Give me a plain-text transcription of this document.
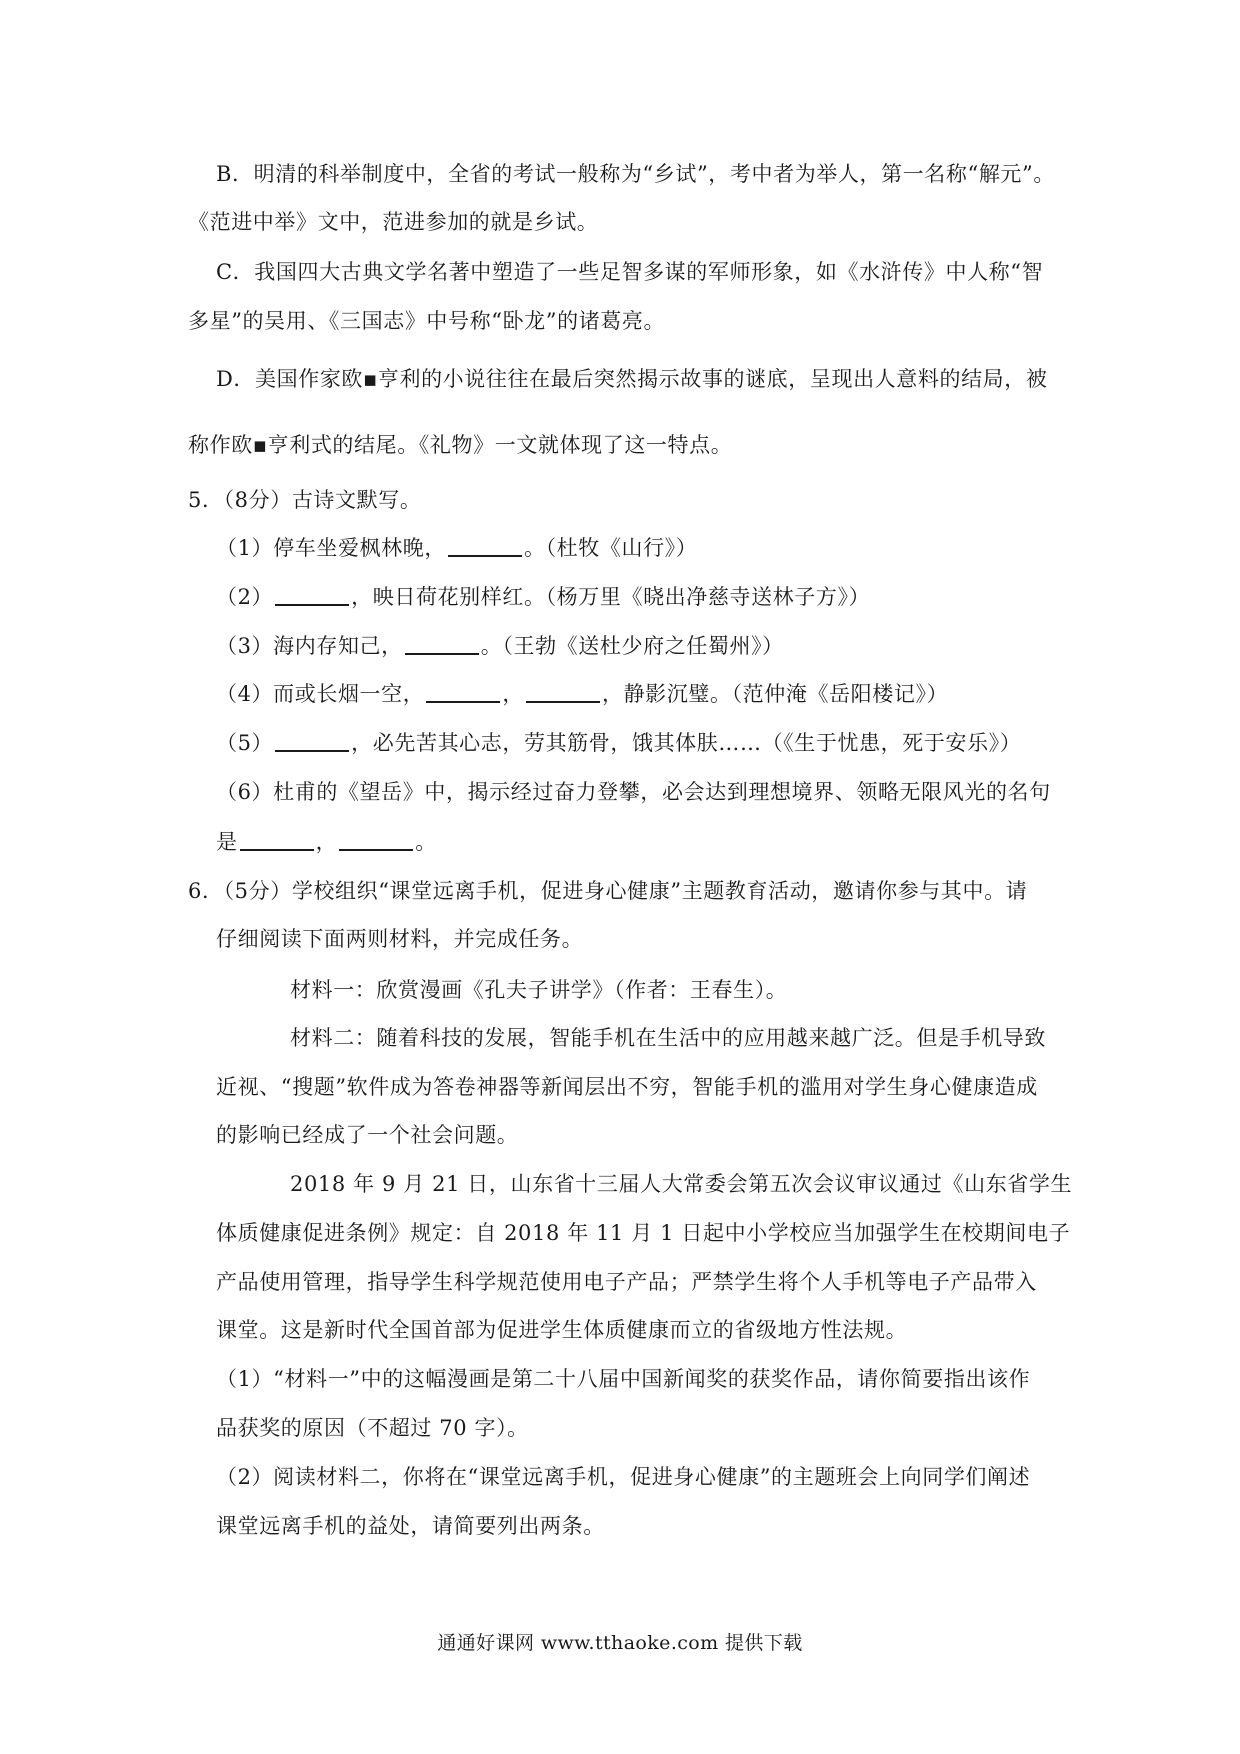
B．明清的科举制度中，全省的考试一般称为“乡试”，考中者为举人，第一名称“解元”。
《范进中举》文中，范进参加的就是乡试。
C．我国四大古典文学名著中塑造了一些足智多谋的军师形象，如《水浒传》中人称“智
多星”的吴用、《三国志》中号称“卧龙”的诸葛亮。
D．美国作家欧▪亨利的小说往往在最后突然揭示故事的谜底，呈现出人意料的结局，被
称作欧▪亨利式的结尾。《礼物》一文就体现了这一特点。
5．（8分）古诗文默写。
（1）停车坐爱枫林晚，	。（杜牧《山行》）
（2）	，映日荷花别样红。（杨万里《晓出净慈寺送林子方》）
（3）海内存知己，	。（王勃《送杜少府之任蜀州》）
（4）而或长烟一空，	，	，静影沉璧。（范仲淹《岳阳楼记》）
（5）	，必先苦其心志，劳其筋骨，饿其体肤……（《生于忧患，死于安乐》）
（6）杜甫的《望岳》中，揭示经过奋力登攀，必会达到理想境界、领略无限风光的名句
是	，	。
6．（5分）学校组织“课堂远离手机，促进身心健康”主题教育活动，邀请你参与其中。请
仔细阅读下面两则材料，并完成任务。
材料一：欣赏漫画《孔夫子讲学》（作者：王春生）。
材料二：随着科技的发展，智能手机在生活中的应用越来越广泛。但是手机导致
近视、“搜题”软件成为答卷神器等新闻层出不穷，智能手机的滥用对学生身心健康造成
的影响已经成了一个社会问题。
2018 年 9 月 21 日，山东省十三届人大常委会第五次会议审议通过《山东省学生
体质健康促进条例》规定：自 2018 年 11 月 1 日起中小学校应当加强学生在校期间电子
产品使用管理，指导学生科学规范使用电子产品；严禁学生将个人手机等电子产品带入
课堂。这是新时代全国首部为促进学生体质健康而立的省级地方性法规。
（1）“材料一”中的这幅漫画是第二十八届中国新闻奖的获奖作品，请你简要指出该作
品获奖的原因（不超过 70 字）。
（2）阅读材料二，你将在“课堂远离手机，促进身心健康”的主题班会上向同学们阐述
课堂远离手机的益处，请简要列出两条。
通通好课网 www.tthaoke.com 提供下载
